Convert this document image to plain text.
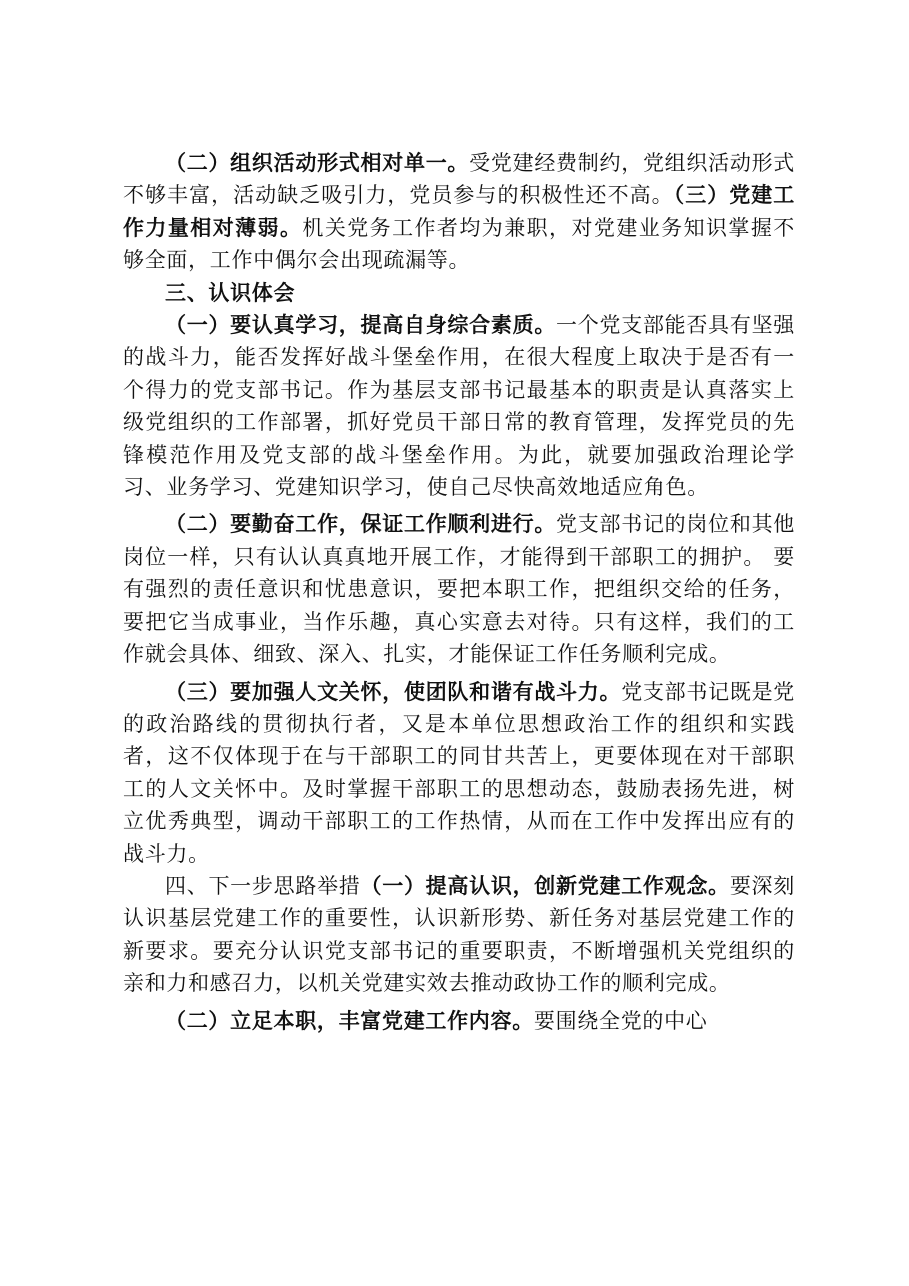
（二）组织活动形式相对单一。受党建经费制约，党组织活动形式不够丰富，活动缺乏吸引力，党员参与的积极性还不高。（三）党建工作力量相对薄弱。机关党务工作者均为兼职，对党建业务知识掌握不够全面，工作中偶尔会出现疏漏等。

三、认识体会

（一）要认真学习，提高自身综合素质。一个党支部能否具有坚强的战斗力，能否发挥好战斗堡垒作用，在很大程度上取决于是否有一个得力的党支部书记。作为基层支部书记最基本的职责是认真落实上级党组织的工作部署，抓好党员干部日常的教育管理，发挥党员的先锋模范作用及党支部的战斗堡垒作用。为此，就要加强政治理论学习、业务学习、党建知识学习，使自己尽快高效地适应角色。

（二）要勤奋工作，保证工作顺利进行。党支部书记的岗位和其他岗位一样，只有认认真真地开展工作，才能得到干部职工的拥护。 要有强烈的责任意识和忧患意识，要把本职工作，把组织交给的任务，要把它当成事业，当作乐趣，真心实意去对待。只有这样，我们的工作就会具体、细致、深入、扎实，才能保证工作任务顺利完成。

（三）要加强人文关怀，使团队和谐有战斗力。党支部书记既是党的政治路线的贯彻执行者，又是本单位思想政治工作的组织和实践者，这不仅体现于在与干部职工的同甘共苦上，更要体现在对干部职工的人文关怀中。及时掌握干部职工的思想动态，鼓励表扬先进，树立优秀典型，调动干部职工的工作热情，从而在工作中发挥出应有的战斗力。

四、下一步思路举措（一）提高认识，创新党建工作观念。要深刻认识基层党建工作的重要性，认识新形势、新任务对基层党建工作的新要求。要充分认识党支部书记的重要职责，不断增强机关党组织的亲和力和感召力，以机关党建实效去推动政协工作的顺利完成。

（二）立足本职，丰富党建工作内容。要围绕全党的中心
